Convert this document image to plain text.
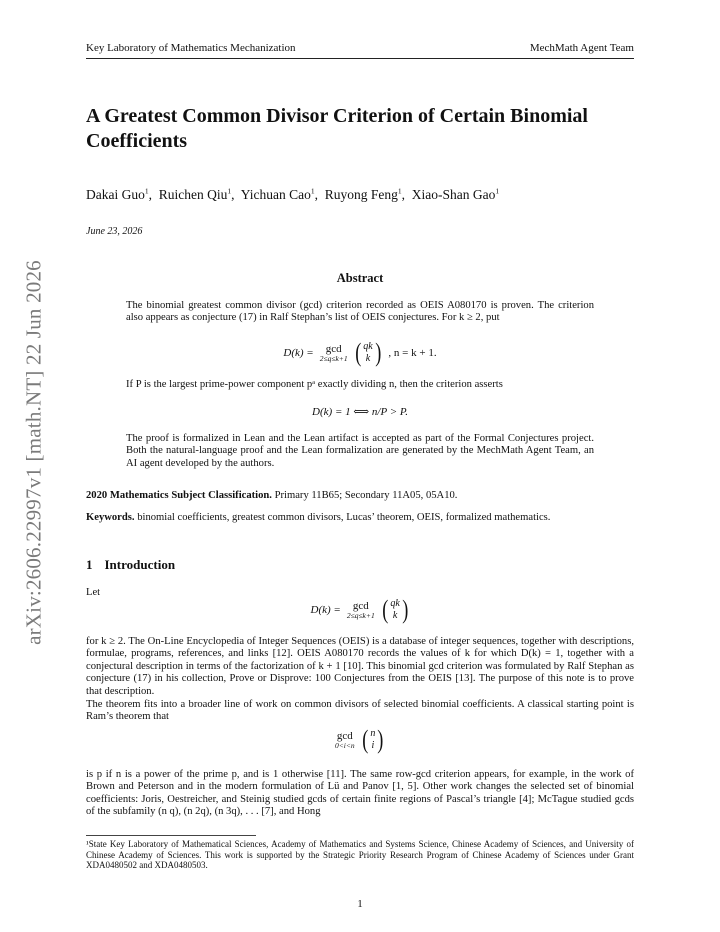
Key Laboratory of Mathematics Mechanization	MechMath Agent Team
arXiv:2606.22997v1 [math.NT] 22 Jun 2026
A Greatest Common Divisor Criterion of Certain Binomial Coefficients
Dakai Guo$^1$,  Ruichen Qiu$^1$,  Yichuan Cao$^1$,  Ruyong Feng$^1$,  Xiao-Shan Gao$^1$
June 23, 2026
Abstract
The binomial greatest common divisor (gcd) criterion recorded as OEIS A080170 is proven. The criterion also appears as conjecture (17) in Ralf Stephan’s list of OEIS conjectures. For k ≥ 2, put
D(k) = gcd
2≤q≤k+1 ( qk
k ) , n = k + 1.
If P is the largest prime-power component pᵃ exactly dividing n, then the criterion asserts
D(k) = 1 ⟺ n/P > P.
The proof is formalized in Lean and the Lean artifact is accepted as part of the Formal Conjectures project. Both the natural-language proof and the Lean formalization are generated by the MechMath Agent Team, an AI agent developed by the authors.
2020 Mathematics Subject Classification. Primary 11B65; Secondary 11A05, 05A10.
Keywords. binomial coefficients, greatest common divisors, Lucas’ theorem, OEIS, formalized mathematics.
1 Introduction
Let
D(k) = gcd
2≤q≤k+1 ( qk
k )
for k ≥ 2. The On-Line Encyclopedia of Integer Sequences (OEIS) is a database of integer sequences, together with descriptions, formulae, programs, references, and links [12]. OEIS A080170 records the values of k for which D(k) = 1, together with a conjectural description in terms of the factorization of k + 1 [10]. This binomial gcd criterion was formulated by Ralf Stephan as conjecture (17) in his collection, Prove or Disprove: 100 Conjectures from the OEIS [13]. The purpose of this note is to prove that description.
The theorem fits into a broader line of work on common divisors of selected binomial coefficients. A classical starting point is Ram’s theorem that
gcd
0<i<n ( n
i )
is p if n is a power of the prime p, and is 1 otherwise [11]. The same row-gcd criterion appears, for example, in the work of Brown and Peterson and in the modern formulation of Lü and Panov [1, 5]. Other work changes the selected set of binomial coefficients: Joris, Oestreicher, and Steinig studied gcds of certain finite regions of Pascal’s triangle [4]; McTague studied gcds of the subfamily (n q), (n 2q), (n 3q), . . . [7], and Hong
¹State Key Laboratory of Mathematical Sciences, Academy of Mathematics and Systems Science, Chinese Academy of Sciences, and University of Chinese Academy of Sciences. This work is supported by the Strategic Priority Research Program of Chinese Academy of Sciences under Grant XDA0480502 and XDA0480503.
1
